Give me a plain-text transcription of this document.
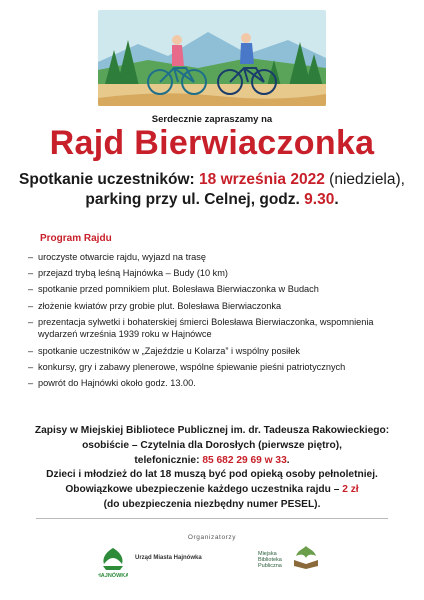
Serdecznie zapraszamy na
Rajd Bierwiaczonka
Spotkanie uczestników: 18 września 2022 (niedziela),
parking przy ul. Celnej, godz. 9.30.
Program Rajdu
– uroczyste otwarcie rajdu, wyjazd na trasę
– przejazd trybą leśną Hajnówka – Budy (10 km)
– spotkanie przed pomnikiem plut. Bolesława Bierwiaczonka w Budach
– złożenie kwiatów przy grobie plut. Bolesława Bierwiaczonka
– prezentacja sylwetki i bohaterskiej śmierci Bolesława Bierwiaczonka, wspomnienia wydarzeń września 1939 roku w Hajnówce
– spotkanie uczestników w „Zajeździe u Kolarza” i wspólny posiłek
– konkursy, gry i zabawy plenerowe, wspólne śpiewanie pieśni patriotycznych
– powrót do Hajnówki około godz. 13.00.
Zapisy w Miejskiej Bibliotece Publicznej im. dr. Tadeusza Rakowieckiego:
osobiście – Czytelnia dla Dorosłych (pierwsze piętro),
telefonicznie: 85 682 29 69 w 33.
Dzieci i młodzież do lat 18 muszą być pod opieką osoby pełnoletniej.
Obowiązkowe ubezpieczenie każdego uczestnika rajdu – 2 zł
(do ubezpieczenia niezbędny numer PESEL).
Organizatorzy
HAJNÓWKA
Urząd Miasta Hajnówka
Miejska Biblioteka Publiczna
